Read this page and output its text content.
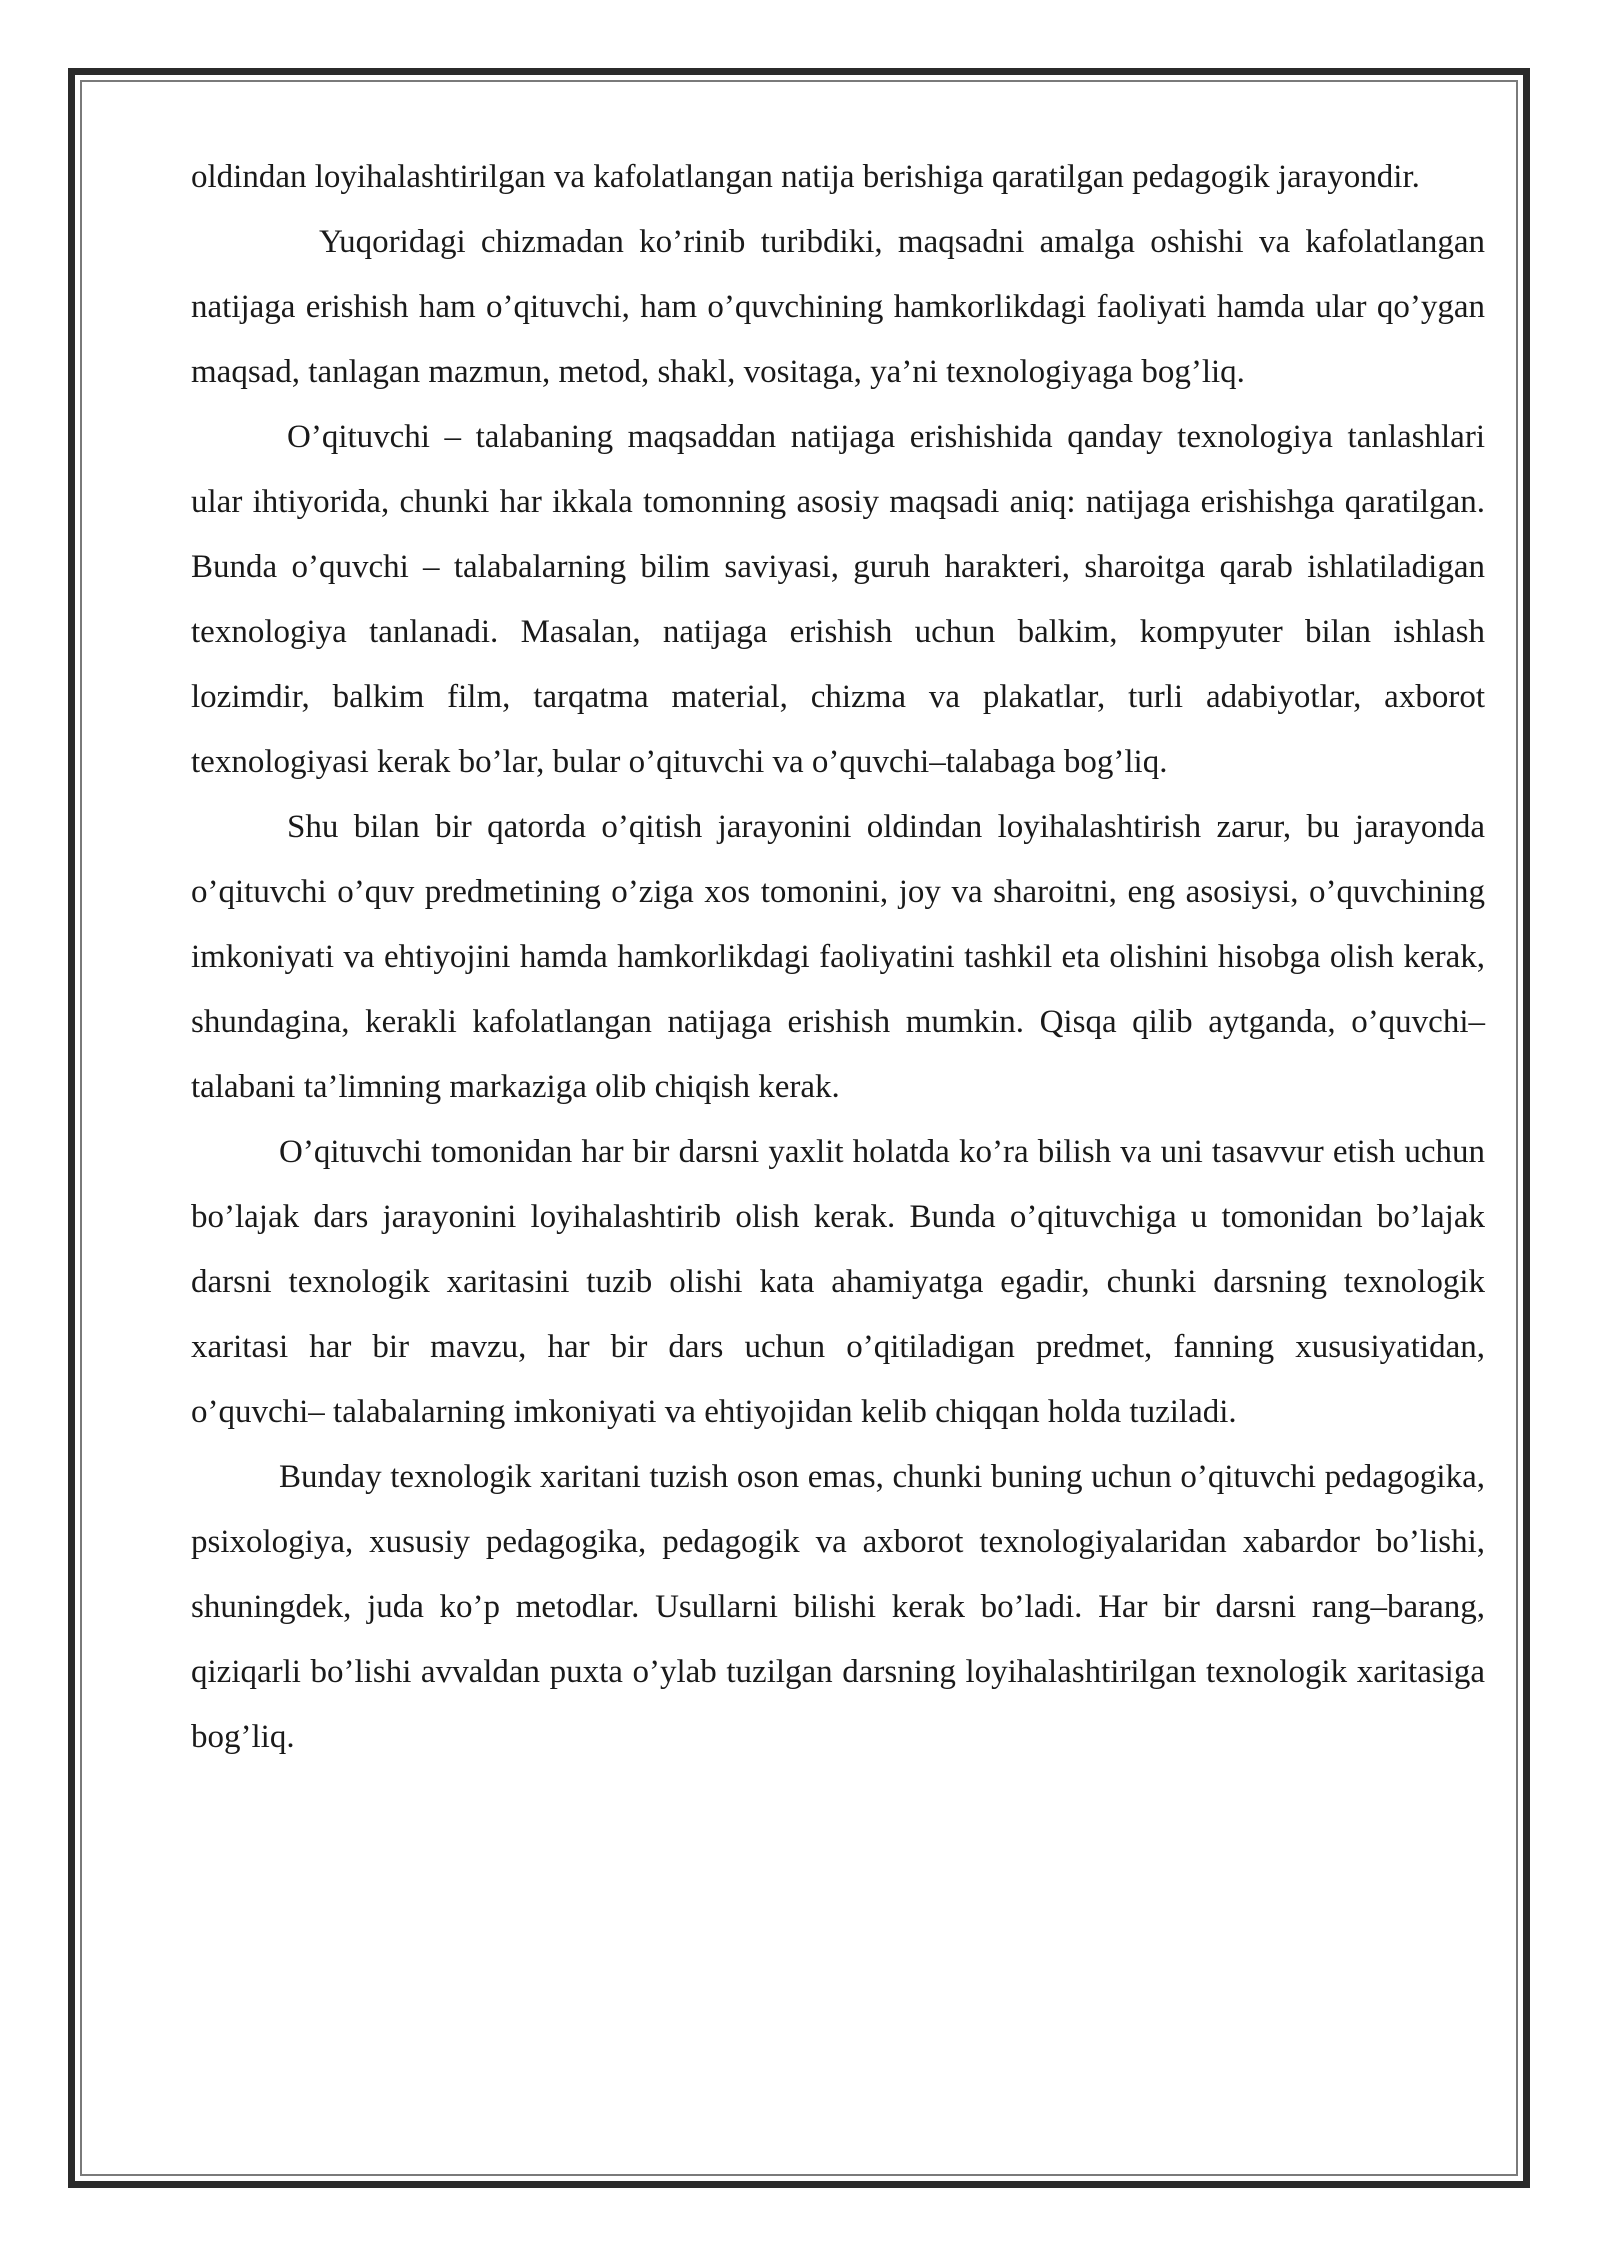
oldindan loyihalashtirilgan va kafolatlangan natija berishiga qaratilgan pedagogik jarayondir.

Yuqoridagi chizmadan ko’rinib turibdiki, maqsadni amalga oshishi va kafolatlangan natijaga erishish ham o’qituvchi, ham o’quvchining hamkorlikdagi faoliyati hamda ular qo’ygan maqsad, tanlagan mazmun, metod, shakl, vositaga, ya’ni texnologiyaga bog’liq.

O’qituvchi – talabaning maqsaddan natijaga erishishida qanday texnologiya tanlashlari ular ihtiyorida, chunki har ikkala tomonning asosiy maqsadi aniq: natijaga erishishga qaratilgan. Bunda o’quvchi – talabalarning bilim saviyasi, guruh harakteri, sharoitga qarab ishlatiladigan texnologiya tanlanadi. Masalan, natijaga erishish uchun balkim, kompyuter bilan ishlash lozimdir, balkim film, tarqatma material, chizma va plakatlar, turli adabiyotlar, axborot texnologiyasi kerak bo’lar, bular o’qituvchi va o’quvchi–talabaga bog’liq.

Shu bilan bir qatorda o’qitish jarayonini oldindan loyihalashtirish zarur, bu jarayonda o’qituvchi o’quv predmetining o’ziga xos tomonini, joy va sharoitni, eng asosiysi, o’quvchining imkoniyati va ehtiyojini hamda hamkorlikdagi faoliyatini tashkil eta olishini hisobga olish kerak, shundagina, kerakli kafolatlangan natijaga erishish mumkin. Qisqa qilib aytganda, o’quvchi– talabani ta’limning markaziga olib chiqish kerak.

O’qituvchi tomonidan har bir darsni yaxlit holatda ko’ra bilish va uni tasavvur etish uchun bo’lajak dars jarayonini loyihalashtirib olish kerak. Bunda o’qituvchiga u tomonidan bo’lajak darsni texnologik xaritasini tuzib olishi kata ahamiyatga egadir, chunki darsning texnologik xaritasi har bir mavzu, har bir dars uchun o’qitiladigan predmet, fanning xususiyatidan, o’quvchi– talabalarning imkoniyati va ehtiyojidan kelib chiqqan holda tuziladi.

Bunday texnologik xaritani tuzish oson emas, chunki buning uchun o’qituvchi pedagogika, psixologiya, xususiy pedagogika, pedagogik va axborot texnologiyalaridan xabardor bo’lishi, shuningdek, juda ko’p metodlar. Usullarni bilishi kerak bo’ladi. Har bir darsni rang–barang, qiziqarli bo’lishi avvaldan puxta o’ylab tuzilgan darsning loyihalashtirilgan texnologik xaritasiga bog’liq.
